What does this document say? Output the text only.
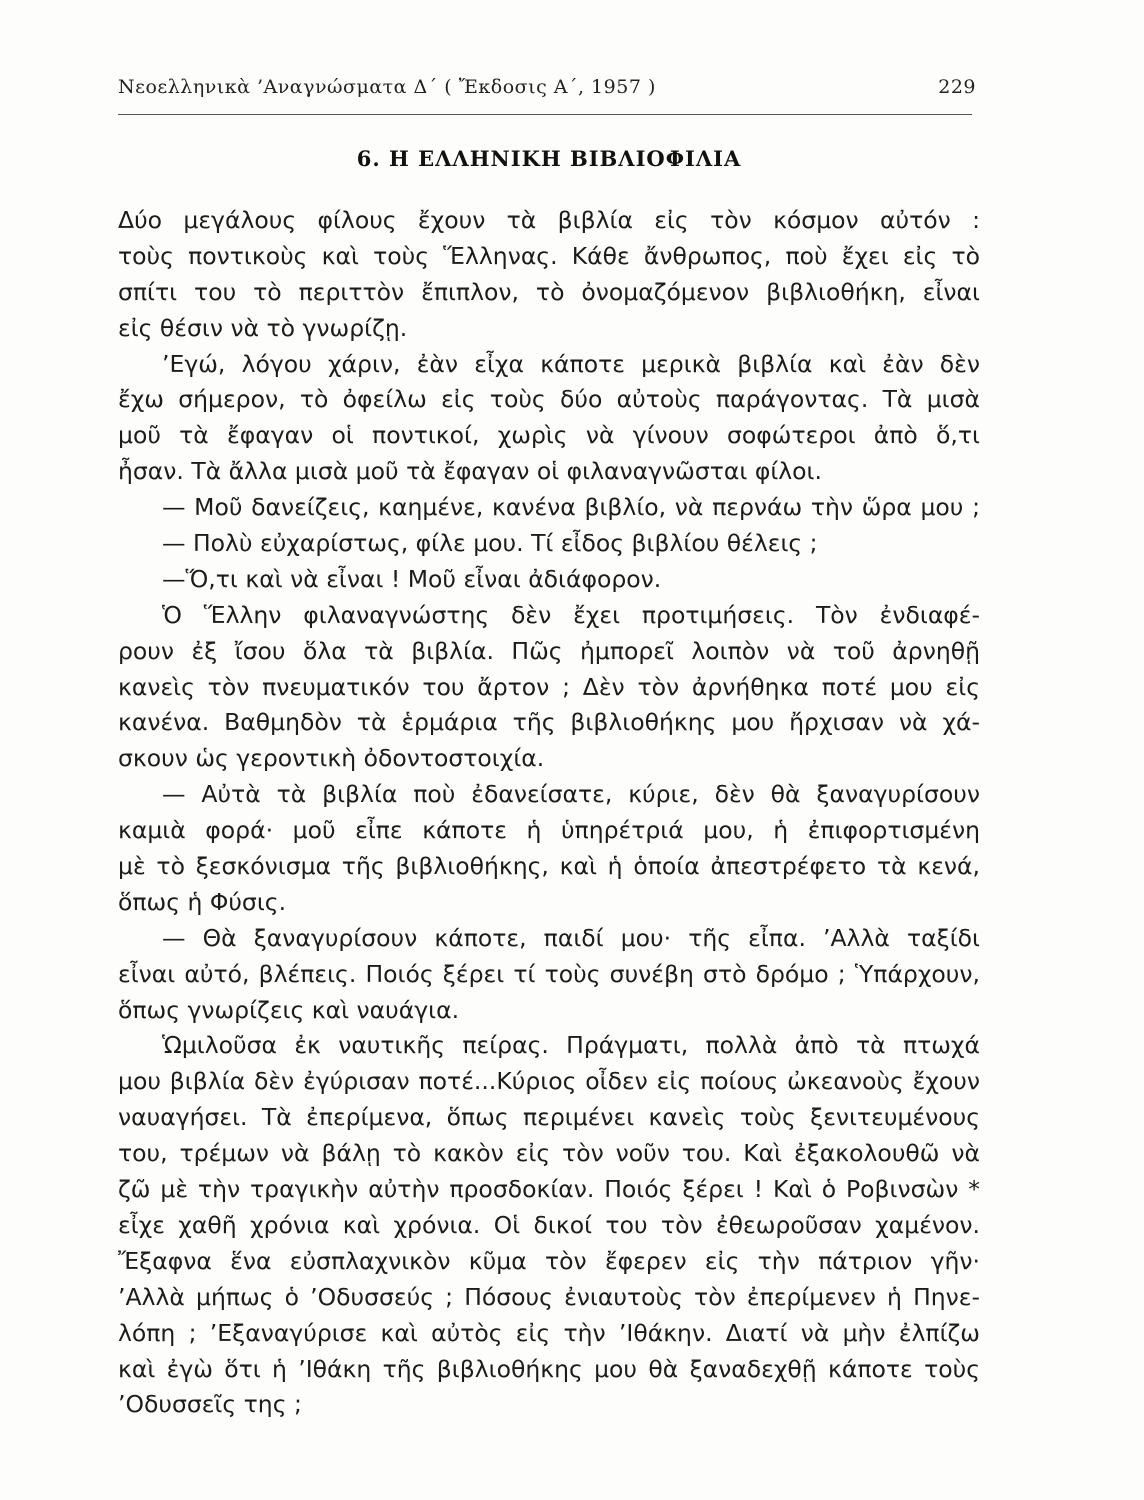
Νεοελληνικὰ ’Αναγνώσματα Δ΄ ( Ἔκδοσις Α΄, 1957 )	229
6. Η ΕΛΛΗΝΙΚΗ ΒΙΒΛΙΟΦΙΛΙΑ
Δύο μεγάλους φίλους ἔχουν τὰ βιβλία εἰς τὸν κόσμον αὐτόν :
τοὺς ποντικοὺς καὶ τοὺς Ἕλληνας. Κάθε ἄνθρωπος, ποὺ ἔχει εἰς τὸ
σπίτι του τὸ περιττὸν ἔπιπλον, τὸ ὀνομαζόμενον βιβλιοθήκη, εἶναι
εἰς θέσιν νὰ τὸ γνωρίζῃ.
’Εγώ, λόγου χάριν, ἐὰν εἶχα κάποτε μερικὰ βιβλία καὶ ἐὰν δὲν
ἔχω σήμερον, τὸ ὀφείλω εἰς τοὺς δύο αὐτοὺς παράγοντας. Τὰ μισὰ
μοῦ τὰ ἔφαγαν οἱ ποντικοί, χωρὶς νὰ γίνουν σοφώτεροι ἀπὸ ὅ,τι
ἦσαν. Τὰ ἄλλα μισὰ μοῦ τὰ ἔφαγαν οἱ φιλαναγνῶσται φίλοι.
— Μοῦ δανείζεις, καημένε, κανένα βιβλίο, νὰ περνάω τὴν ὥρα μου ;
— Πολὺ εὐχαρίστως, φίλε μου. Τί εἶδος βιβλίου θέλεις ;
—Ὅ,τι καὶ νὰ εἶναι ! Μοῦ εἶναι ἀδιάφορον.
Ὁ Ἕλλην φιλαναγνώστης δὲν ἔχει προτιμήσεις. Τὸν ἐνδιαφέ-
ρουν ἐξ ἴσου ὅλα τὰ βιβλία. Πῶς ἠμπορεῖ λοιπὸν νὰ τοῦ ἀρνηθῇ
κανεὶς τὸν πνευματικόν του ἄρτον ; Δὲν τὸν ἀρνήθηκα ποτέ μου εἰς
κανένα. Βαθμηδὸν τὰ ἑρμάρια τῆς βιβλιοθήκης μου ἤρχισαν νὰ χά-
σκουν ὡς γεροντικὴ ὀδοντοστοιχία.
— Αὐτὰ τὰ βιβλία ποὺ ἐδανείσατε, κύριε, δὲν θὰ ξαναγυρίσουν
καμιὰ φορά· μοῦ εἶπε κάποτε ἡ ὑπηρέτριά μου, ἡ ἐπιφορτισμένη
μὲ τὸ ξεσκόνισμα τῆς βιβλιοθήκης, καὶ ἡ ὁποία ἀπεστρέφετο τὰ κενά,
ὅπως ἡ Φύσις.
— Θὰ ξαναγυρίσουν κάποτε, παιδί μου· τῆς εἶπα. ’Αλλὰ ταξίδι
εἶναι αὐτό, βλέπεις. Ποιός ξέρει τί τοὺς συνέβη στὸ δρόμο ; Ὑπάρχουν,
ὅπως γνωρίζεις καὶ ναυάγια.
Ὡμιλοῦσα ἐκ ναυτικῆς πείρας. Πράγματι, πολλὰ ἀπὸ τὰ πτωχά
μου βιβλία δὲν ἐγύρισαν ποτέ...Κύριος οἶδεν εἰς ποίους ὠκεανοὺς ἔχουν
ναυαγήσει. Τὰ ἐπερίμενα, ὅπως περιμένει κανεὶς τοὺς ξενιτευμένους
του, τρέμων νὰ βάλῃ τὸ κακὸν εἰς τὸν νοῦν του. Καὶ ἐξακολουθῶ νὰ
ζῶ μὲ τὴν τραγικὴν αὐτὴν προσδοκίαν. Ποιός ξέρει ! Καὶ ὁ Ροβινσὼν *
εἶχε χαθῆ χρόνια καὶ χρόνια. Οἱ δικοί του τὸν ἐθεωροῦσαν χαμένον.
Ἔξαφνα ἕνα εὐσπλαχνικὸν κῦμα τὸν ἔφερεν εἰς τὴν πάτριον γῆν·
’Αλλὰ μήπως ὁ ’Οδυσσεύς ; Πόσους ἐνιαυτοὺς τὸν ἐπερίμενεν ἡ Πηνε-
λόπη ; ’Εξαναγύρισε καὶ αὐτὸς εἰς τὴν ’Ιθάκην. Διατί νὰ μὴν ἐλπίζω
καὶ ἐγὼ ὅτι ἡ ’Ιθάκη τῆς βιβλιοθήκης μου θὰ ξαναδεχθῇ κάποτε τοὺς
’Οδυσσεῖς της ;
